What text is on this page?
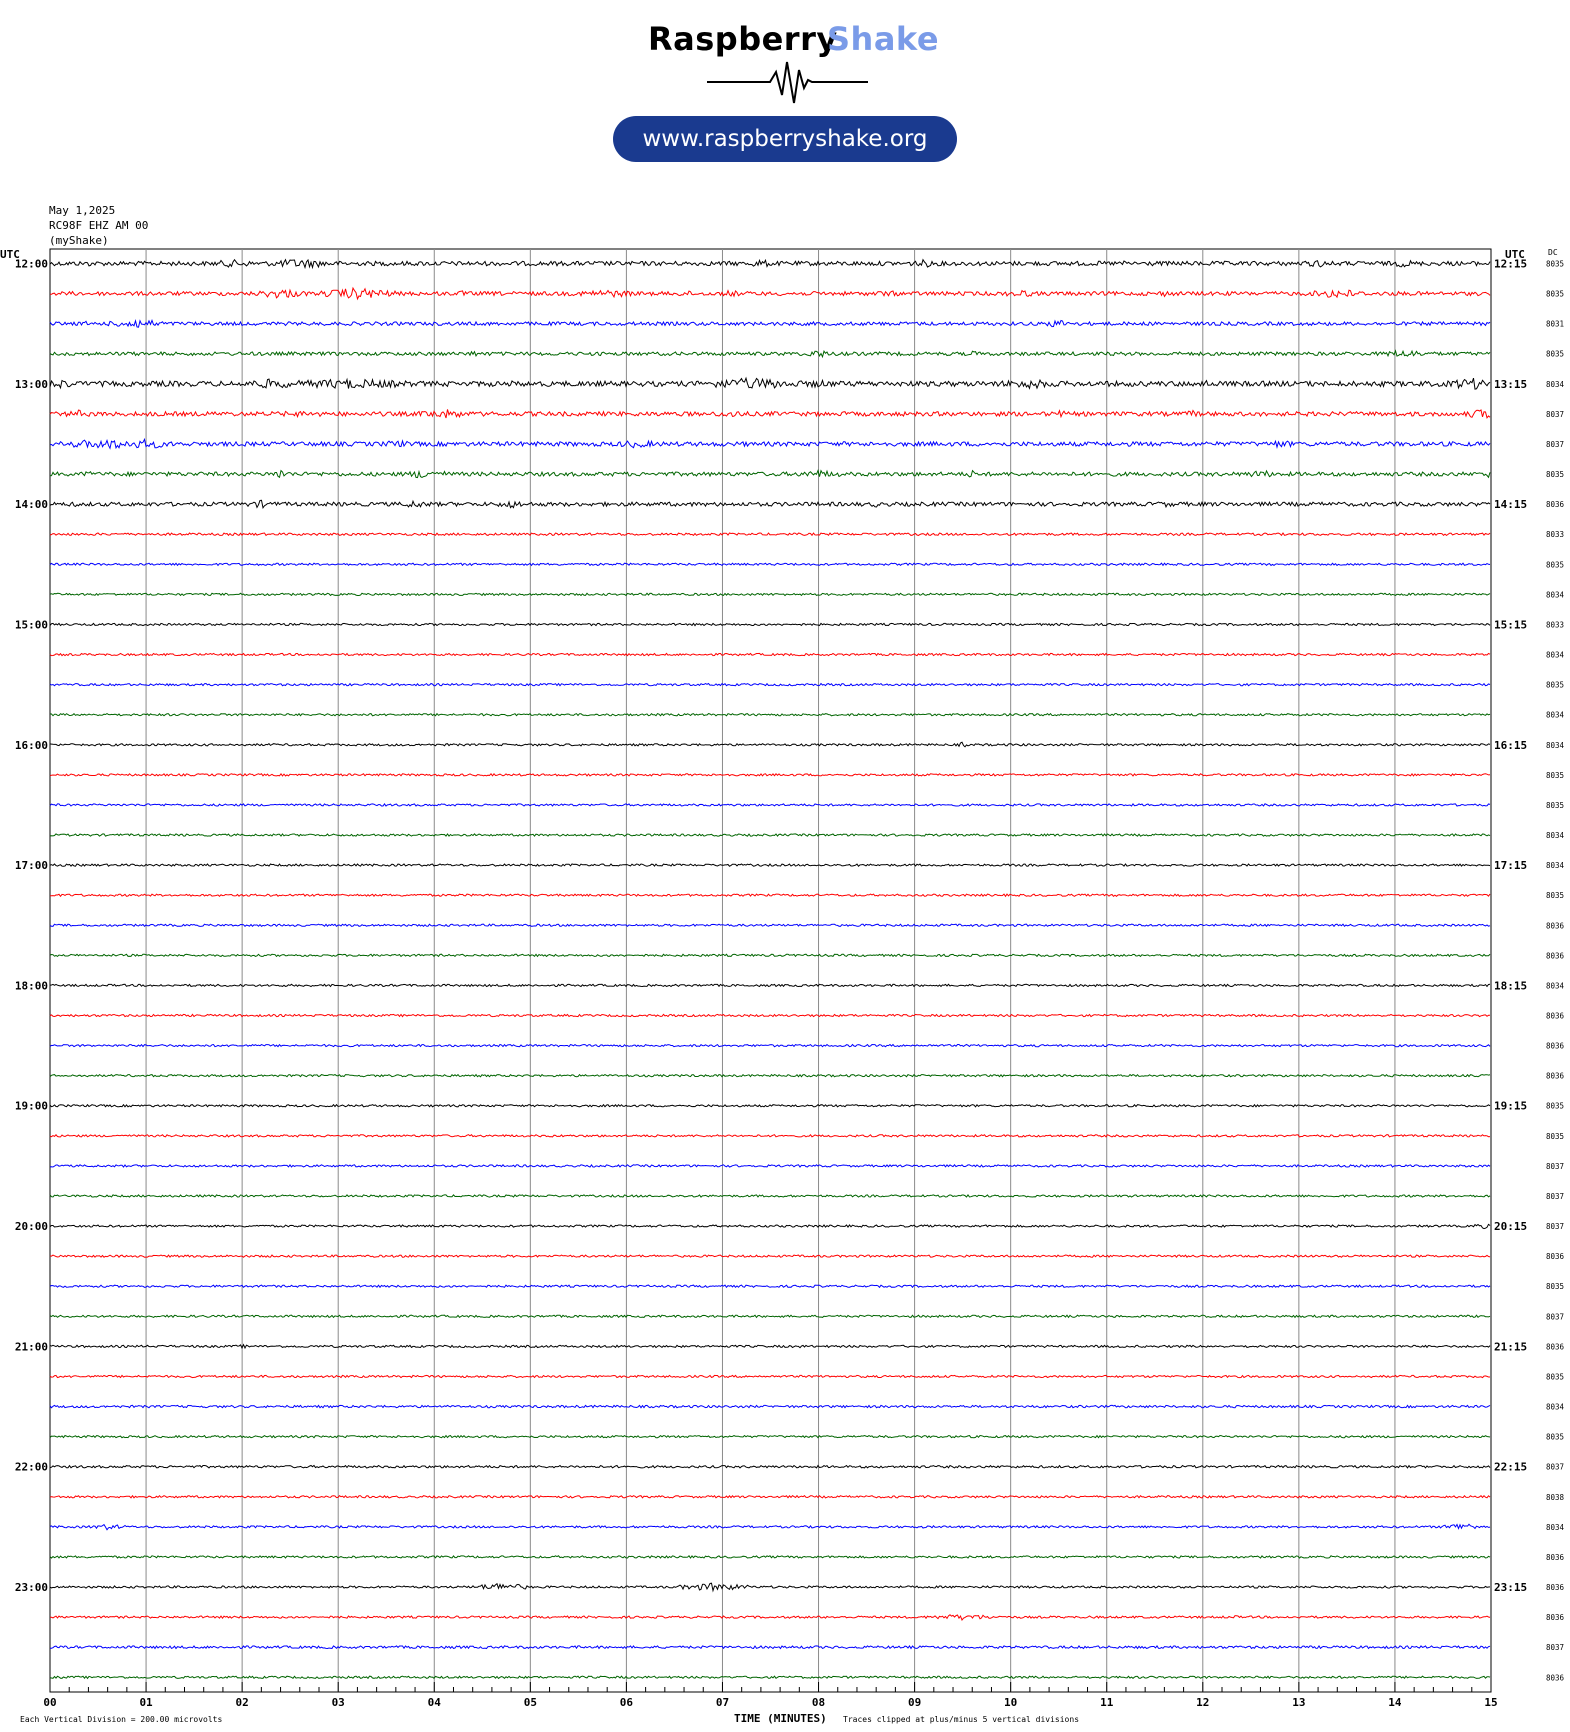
Raspberry
Shake
www.raspberryshake.org
May 1,2025
RC98F EHZ AM 00
(myShake)
12:00
13:00
14:00
15:00
16:00
17:00
18:00
19:00
20:00
21:00
22:00
23:00
12:15
13:15
14:15
15:15
16:15
17:15
18:15
19:15
20:15
21:15
22:15
23:15
8035
8035
8031
8035
8034
8037
8037
8035
8036
8033
8035
8034
8033
8034
8035
8034
8034
8035
8035
8034
8034
8035
8036
8036
8034
8036
8036
8036
8035
8035
8037
8037
8037
8036
8035
8037
8036
8035
8034
8035
8037
8038
8034
8036
8036
8036
8037
8036
00	01	02	03	04	05	06	07	08	09	10	11	12	13	14	15
UTC	UTC	DC
TIME (MINUTES)
Each Vertical Division = 200.00 microvolts	Traces clipped at plus/minus 5 vertical divisions
